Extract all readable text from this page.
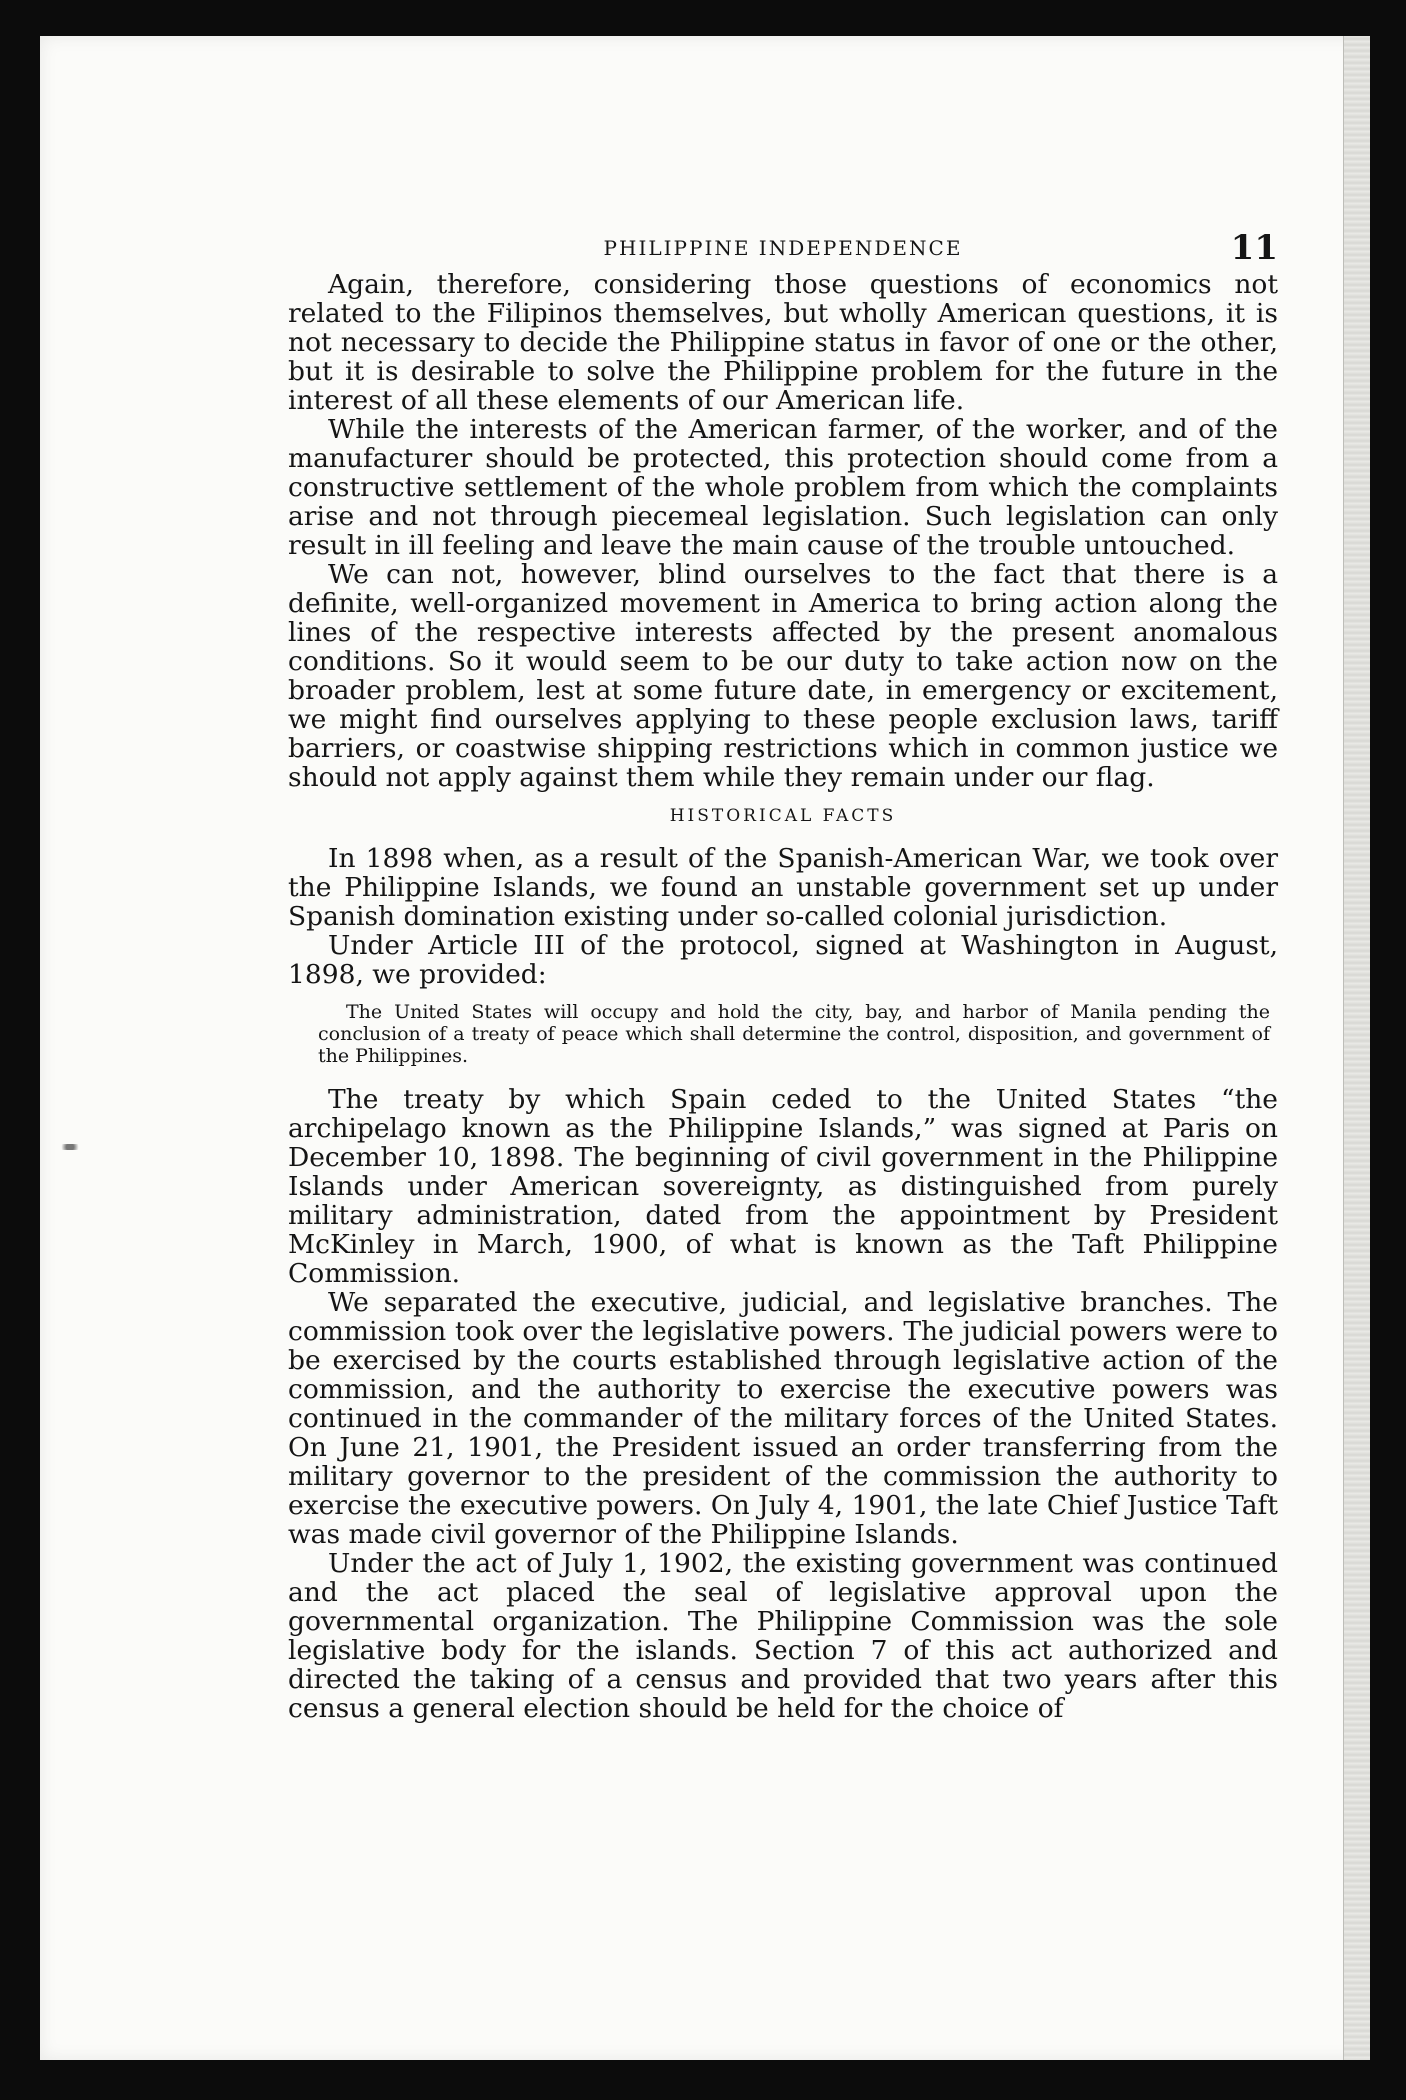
PHILIPPINE INDEPENDENCE	11

Again, therefore, considering those questions of economics not related to the Filipinos themselves, but wholly American questions, it is not necessary to decide the Philippine status in favor of one or the other, but it is desirable to solve the Philippine problem for the future in the interest of all these elements of our American life.

While the interests of the American farmer, of the worker, and of the manufacturer should be protected, this protection should come from a constructive settlement of the whole problem from which the complaints arise and not through piecemeal legislation. Such legislation can only result in ill feeling and leave the main cause of the trouble untouched.

We can not, however, blind ourselves to the fact that there is a definite, well-organized movement in America to bring action along the lines of the respective interests affected by the present anomalous conditions. So it would seem to be our duty to take action now on the broader problem, lest at some future date, in emergency or excitement, we might find ourselves applying to these people exclusion laws, tariff barriers, or coastwise shipping restrictions which in common justice we should not apply against them while they remain under our flag.

HISTORICAL FACTS

In 1898 when, as a result of the Spanish-American War, we took over the Philippine Islands, we found an unstable government set up under Spanish domination existing under so-called colonial jurisdiction.

Under Article III of the protocol, signed at Washington in August, 1898, we provided:

The United States will occupy and hold the city, bay, and harbor of Manila pending the conclusion of a treaty of peace which shall determine the control, disposition, and government of the Philippines.

The treaty by which Spain ceded to the United States “the archipelago known as the Philippine Islands,” was signed at Paris on December 10, 1898. The beginning of civil government in the Philippine Islands under American sovereignty, as distinguished from purely military administration, dated from the appointment by President McKinley in March, 1900, of what is known as the Taft Philippine Commission.

We separated the executive, judicial, and legislative branches. The commission took over the legislative powers. The judicial powers were to be exercised by the courts established through legislative action of the commission, and the authority to exercise the executive powers was continued in the commander of the military forces of the United States. On June 21, 1901, the President issued an order transferring from the military governor to the president of the commission the authority to exercise the executive powers. On July 4, 1901, the late Chief Justice Taft was made civil governor of the Philippine Islands.

Under the act of July 1, 1902, the existing government was continued and the act placed the seal of legislative approval upon the governmental organization. The Philippine Commission was the sole legislative body for the islands. Section 7 of this act authorized and directed the taking of a census and provided that two years after this census a general election should be held for the choice of
